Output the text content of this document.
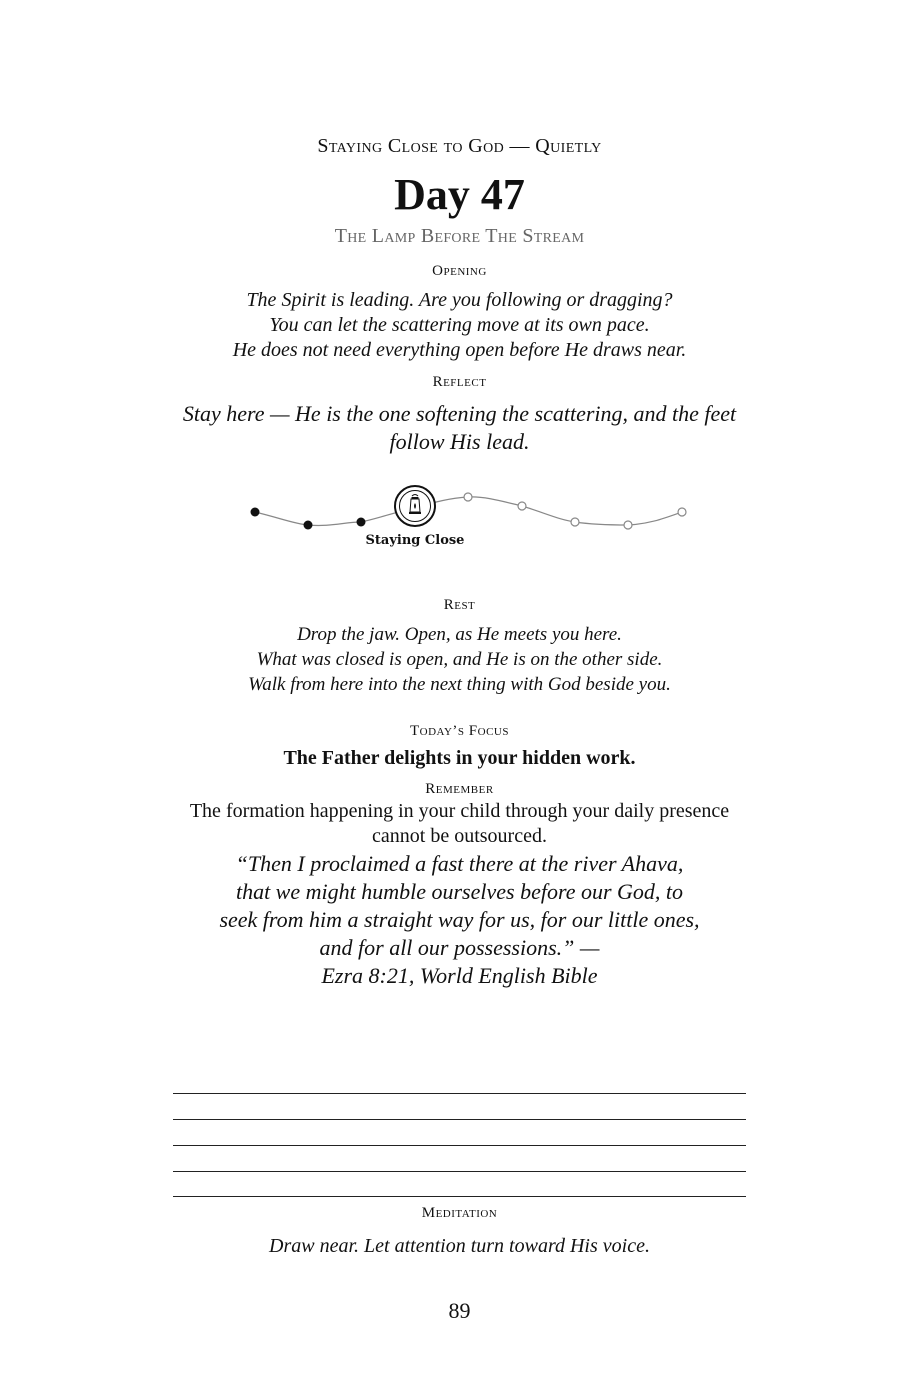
Staying Close to God — Quietly
Day 47
The Lamp Before The Stream
Opening
The Spirit is leading. Are you following or dragging?
You can let the scattering move at its own pace.
He does not need everything open before He draws near.
Reflect
Stay here — He is the one softening the scattering, and the feet follow His lead.
Staying Close
Rest
Drop the jaw. Open, as He meets you here.
What was closed is open, and He is on the other side.
Walk from here into the next thing with God beside you.
Today’s Focus
The Father delights in your hidden work.
Remember
The formation happening in your child through your daily presence cannot be outsourced.
“Then I proclaimed a fast there at the river Ahava,
that we might humble ourselves before our God, to
seek from him a straight way for us, for our little ones,
and for all our possessions.” —
Ezra 8:21, World English Bible
Meditation
Draw near. Let attention turn toward His voice.
89
